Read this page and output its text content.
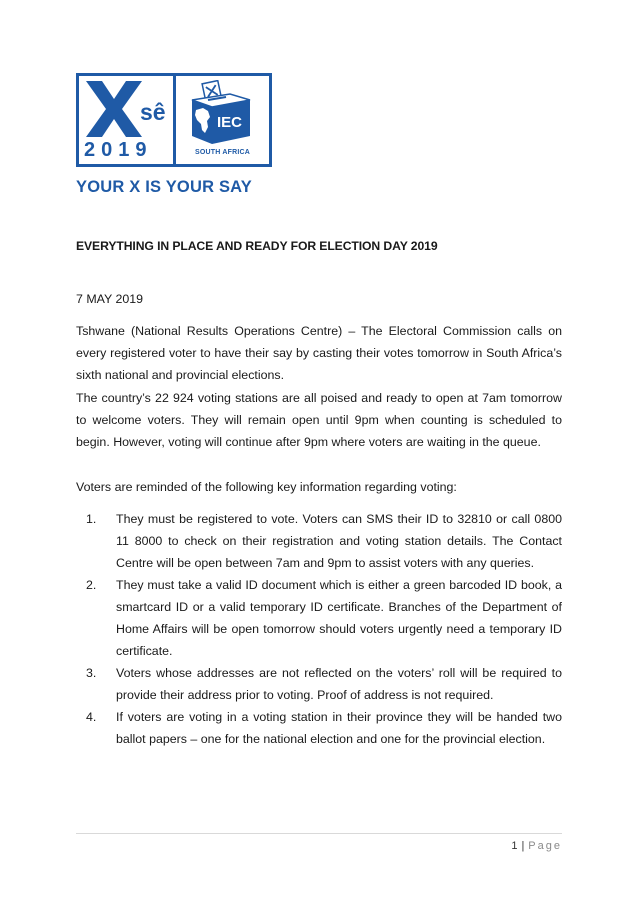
sê
2019
IEC
SOUTH AFRICA
YOUR X IS YOUR SAY
EVERYTHING IN PLACE AND READY FOR ELECTION DAY 2019
7 MAY 2019

Tshwane (National Results Operations Centre) – The Electoral Commission calls on every registered voter to have their say by casting their votes tomorrow in South Africa’s sixth national and provincial elections.

The country’s 22 924 voting stations are all poised and ready to open at 7am tomorrow to welcome voters. They will remain open until 9pm when counting is scheduled to begin. However, voting will continue after 9pm where voters are waiting in the queue.

Voters are reminded of the following key information regarding voting:

1. They must be registered to vote. Voters can SMS their ID to 32810 or call 0800 11 8000 to check on their registration and voting station details. The Contact Centre will be open between 7am and 9pm to assist voters with any queries.
2. They must take a valid ID document which is either a green barcoded ID book, a smartcard ID or a valid temporary ID certificate. Branches of the Department of Home Affairs will be open tomorrow should voters urgently need a temporary ID certificate.
3. Voters whose addresses are not reflected on the voters’ roll will be required to provide their address prior to voting. Proof of address is not required.
4. If voters are voting in a voting station in their province they will be handed two ballot papers – one for the national election and one for the provincial election.
1 | Page
